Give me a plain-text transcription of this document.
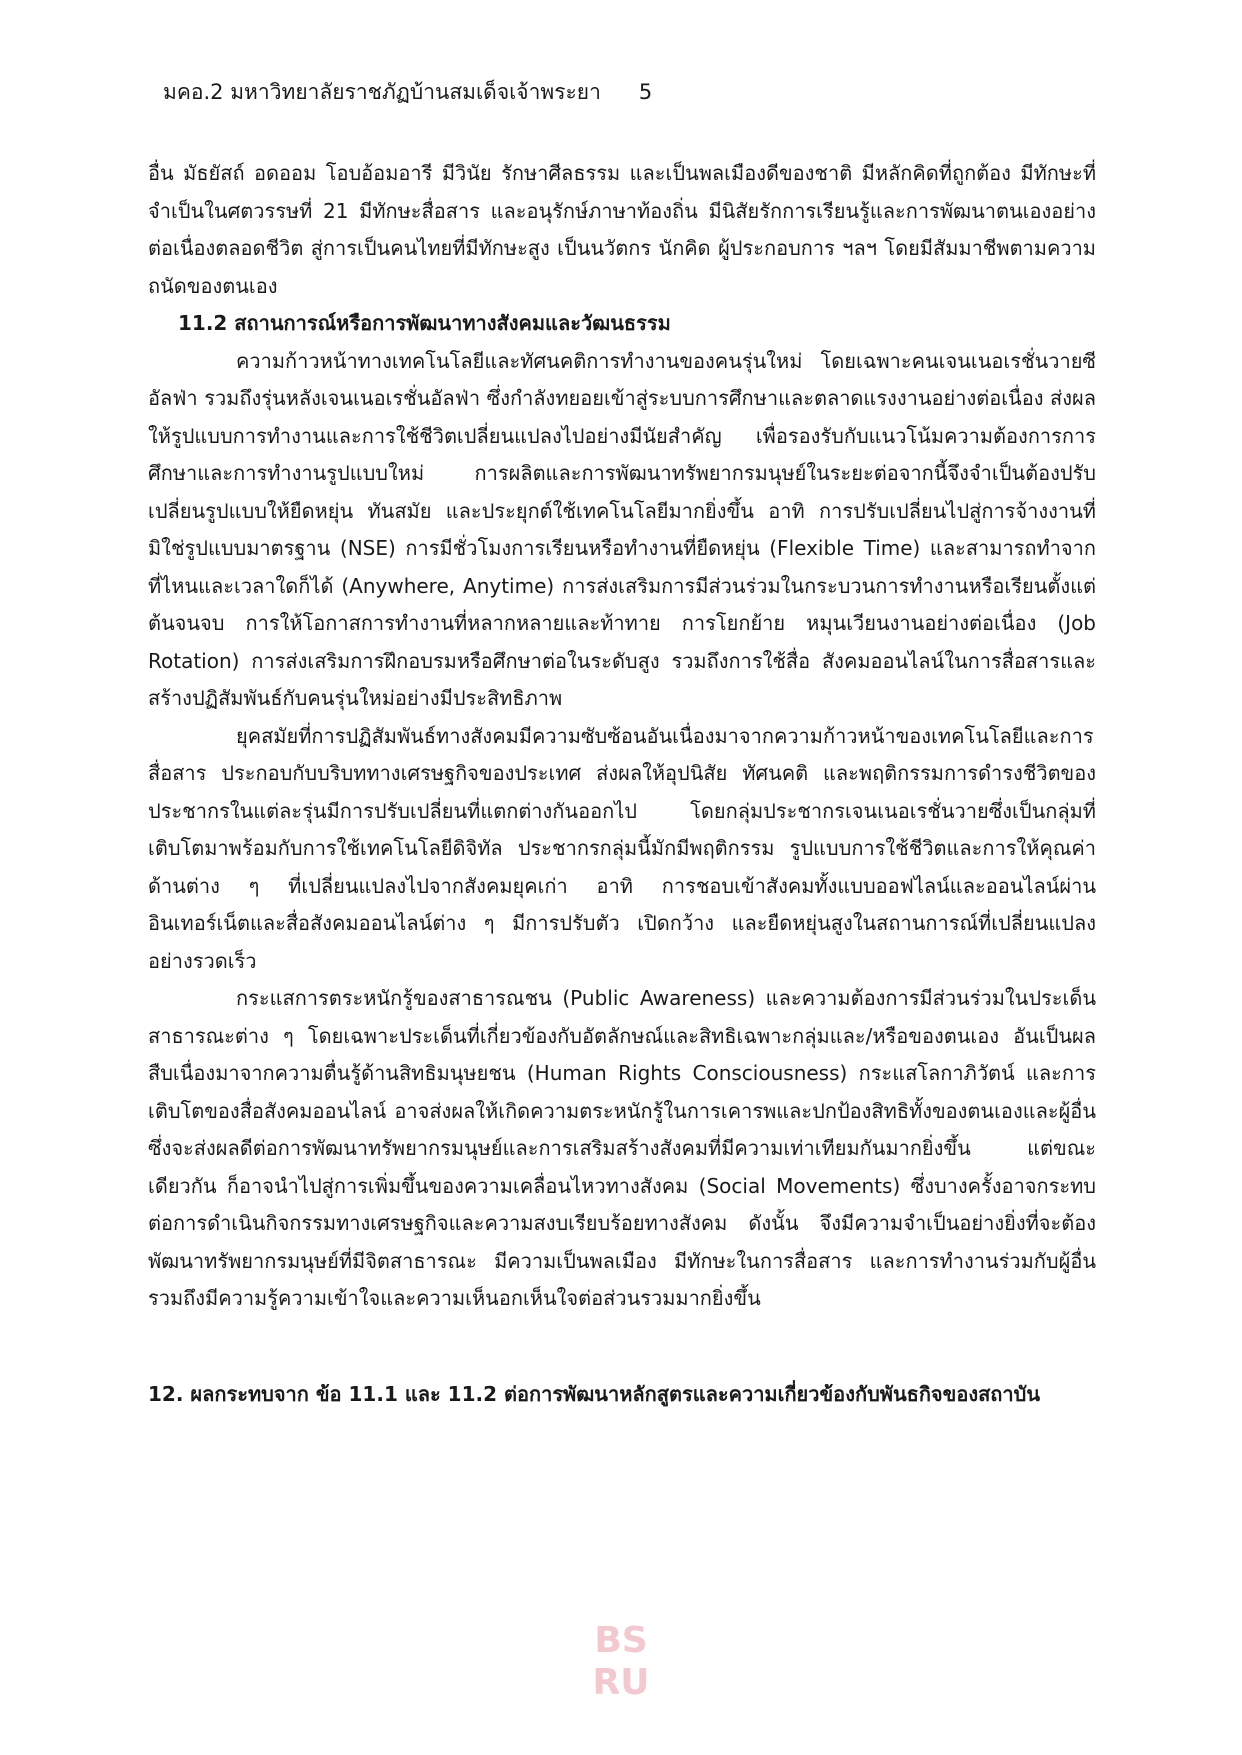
มคอ.2 มหาวิทยาลัยราชภัฏบ้านสมเด็จเจ้าพระยา 5

อื่น มัธยัสถ์ อดออม โอบอ้อมอารี มีวินัย รักษาศีลธรรม และเป็นพลเมืองดีของชาติ มีหลักคิดที่ถูกต้อง มีทักษะที่จำเป็นในศตวรรษที่ 21 มีทักษะสื่อสาร และอนุรักษ์ภาษาท้องถิ่น มีนิสัยรักการเรียนรู้และการพัฒนาตนเองอย่างต่อเนื่องตลอดชีวิต สู่การเป็นคนไทยที่มีทักษะสูง เป็นนวัตกร นักคิด ผู้ประกอบการ ฯลฯ โดยมีสัมมาชีพตามความถนัดของตนเอง

11.2 สถานการณ์หรือการพัฒนาทางสังคมและวัฒนธรรม

ความก้าวหน้าทางเทคโนโลยีและทัศนคติการทำงานของคนรุ่นใหม่ โดยเฉพาะคนเจนเนอเรชั่นวายซี อัลฟ่า รวมถึงรุ่นหลังเจนเนอเรชั่นอัลฟ่า ซึ่งกำลังทยอยเข้าสู่ระบบการศึกษาและตลาดแรงงานอย่างต่อเนื่อง ส่งผลให้รูปแบบการทำงานและการใช้ชีวิตเปลี่ยนแปลงไปอย่างมีนัยสำคัญ เพื่อรองรับกับแนวโน้มความต้องการการศึกษาและการทำงานรูปแบบใหม่ การผลิตและการพัฒนาทรัพยากรมนุษย์ในระยะต่อจากนี้จึงจำเป็นต้องปรับเปลี่ยนรูปแบบให้ยืดหยุ่น ทันสมัย และประยุกต์ใช้เทคโนโลยีมากยิ่งขึ้น อาทิ การปรับเปลี่ยนไปสู่การจ้างงานที่มิใช่รูปแบบมาตรฐาน (NSE) การมีชั่วโมงการเรียนหรือทำงานที่ยืดหยุ่น (Flexible Time) และสามารถทำจากที่ไหนและเวลาใดก็ได้ (Anywhere, Anytime) การส่งเสริมการมีส่วนร่วมในกระบวนการทำงานหรือเรียนตั้งแต่ต้นจนจบ การให้โอกาสการทำงานที่หลากหลายและท้าทาย การโยกย้าย หมุนเวียนงานอย่างต่อเนื่อง (Job Rotation) การส่งเสริมการฝึกอบรมหรือศึกษาต่อในระดับสูง รวมถึงการใช้สื่อ สังคมออนไลน์ในการสื่อสารและสร้างปฏิสัมพันธ์กับคนรุ่นใหม่อย่างมีประสิทธิภาพ

ยุคสมัยที่การปฏิสัมพันธ์ทางสังคมมีความซับซ้อนอันเนื่องมาจากความก้าวหน้าของเทคโนโลยีและการสื่อสาร ประกอบกับบริบททางเศรษฐกิจของประเทศ ส่งผลให้อุปนิสัย ทัศนคติ และพฤติกรรมการดำรงชีวิตของประชากรในแต่ละรุ่นมีการปรับเปลี่ยนที่แตกต่างกันออกไป โดยกลุ่มประชากรเจนเนอเรชั่นวายซึ่งเป็นกลุ่มที่เติบโตมาพร้อมกับการใช้เทคโนโลยีดิจิทัล ประชากรกลุ่มนี้มักมีพฤติกรรม รูปแบบการใช้ชีวิตและการให้คุณค่า ด้านต่าง ๆ ที่เปลี่ยนแปลงไปจากสังคมยุคเก่า อาทิ การชอบเข้าสังคมทั้งแบบออฟไลน์และออนไลน์ผ่านอินเทอร์เน็ตและสื่อสังคมออนไลน์ต่าง ๆ มีการปรับตัว เปิดกว้าง และยืดหยุ่นสูงในสถานการณ์ที่เปลี่ยนแปลงอย่างรวดเร็ว

กระแสการตระหนักรู้ของสาธารณชน (Public Awareness) และความต้องการมีส่วนร่วมในประเด็นสาธารณะต่าง ๆ โดยเฉพาะประเด็นที่เกี่ยวข้องกับอัตลักษณ์และสิทธิเฉพาะกลุ่มและ/หรือของตนเอง อันเป็นผลสืบเนื่องมาจากความตื่นรู้ด้านสิทธิมนุษยชน (Human Rights Consciousness) กระแสโลกาภิวัตน์ และการเติบโตของสื่อสังคมออนไลน์ อาจส่งผลให้เกิดความตระหนักรู้ในการเคารพและปกป้องสิทธิทั้งของตนเองและผู้อื่น ซึ่งจะส่งผลดีต่อการพัฒนาทรัพยากรมนุษย์และการเสริมสร้างสังคมที่มีความเท่าเทียมกันมากยิ่งขึ้น แต่ขณะเดียวกัน ก็อาจนำไปสู่การเพิ่มขึ้นของความเคลื่อนไหวทางสังคม (Social Movements) ซึ่งบางครั้งอาจกระทบต่อการดำเนินกิจกรรมทางเศรษฐกิจและความสงบเรียบร้อยทางสังคม ดังนั้น จึงมีความจำเป็นอย่างยิ่งที่จะต้องพัฒนาทรัพยากรมนุษย์ที่มีจิตสาธารณะ มีความเป็นพลเมือง มีทักษะในการสื่อสาร และการทำงานร่วมกับผู้อื่น รวมถึงมีความรู้ความเข้าใจและความเห็นอกเห็นใจต่อส่วนรวมมากยิ่งขึ้น

12. ผลกระทบจาก ข้อ 11.1 และ 11.2 ต่อการพัฒนาหลักสูตรและความเกี่ยวข้องกับพันธกิจของสถาบัน

BS
RU
